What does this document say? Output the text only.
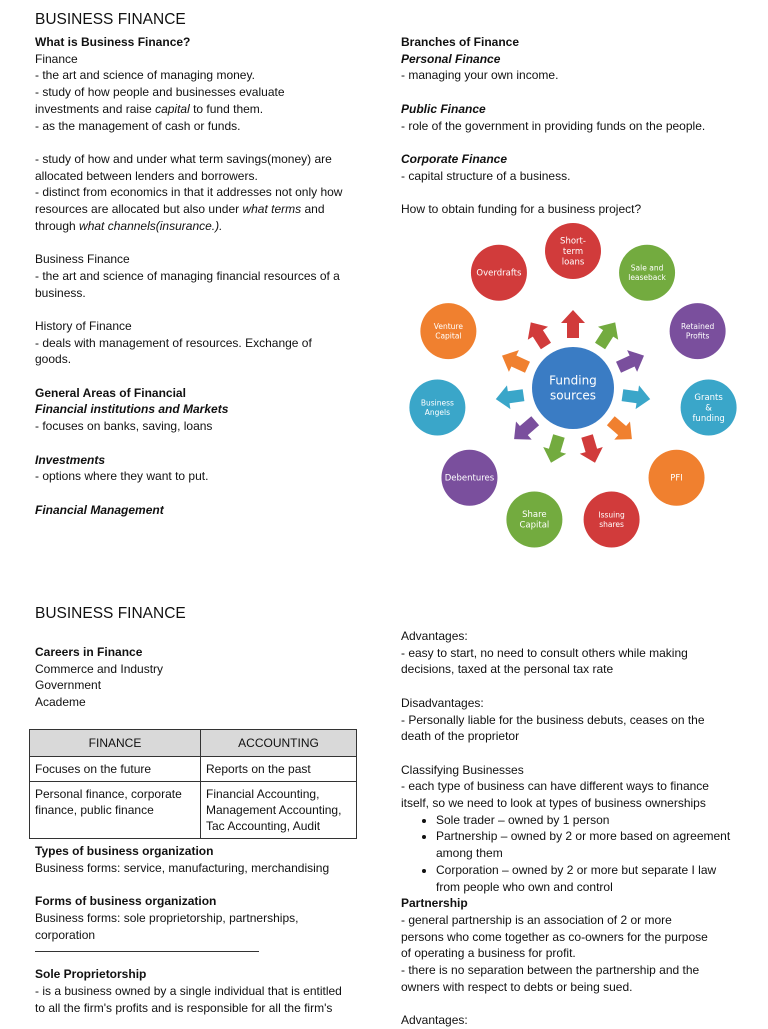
BUSINESS FINANCE
What is Business Finance?
Finance
- the art and science of managing money.
- study of how people and businesses evaluate
investments and raise capital to fund them.
- as the management of cash or funds.
- study of how and under what term savings(money) are
allocated between lenders and borrowers.
- distinct from economics in that it addresses not only how
resources are allocated but also under what terms and
through what channels(insurance.).
Business Finance
- the art and science of managing financial resources of a
business.
History of Finance
- deals with management of resources. Exchange of
goods.
General Areas of Financial
Financial institutions and Markets
- focuses on banks, saving, loans
Investments
- options where they want to put.
Financial Management
Branches of Finance
Personal Finance
- managing your own income.
Public Finance
- role of the government in providing funds on the people.
Corporate Finance
- capital structure of a business.
How to obtain funding for a business project?
Short-term loans
Sale and leaseback
Retained Profits
Grants & funding
PFI
Issuing shares
Share Capital
Debentures
Business Angels
Venture Capital
Overdrafts
Funding sources
BUSINESS FINANCE
Careers in Finance
Commerce and Industry
Government
Academe
FINANCE	ACCOUNTING
Focuses on the future	Reports on the past
Personal finance, corporate finance, public finance	Financial Accounting, Management Accounting, Tac Accounting, Audit
Types of business organization
Business forms: service, manufacturing, merchandising
Forms of business organization
Business forms: sole proprietorship, partnerships,
corporation
Sole Proprietorship
- is a business owned by a single individual that is entitled
to all the firm's profits and is responsible for all the firm's
Advantages:
- easy to start, no need to consult others while making
decisions, taxed at the personal tax rate
Disadvantages:
- Personally liable for the business debuts, ceases on the
death of the proprietor
Classifying Businesses
- each type of business can have different ways to finance
itself, so we need to look at types of business ownerships
• Sole trader – owned by 1 person
• Partnership – owned by 2 or more based on agreement among them
• Corporation – owned by 2 or more but separate I law from people who own and control
Partnership
- general partnership is an association of 2 or more
persons who come together as co-owners for the purpose
of operating a business for profit.
- there is no separation between the partnership and the
owners with respect to debts or being sued.
Advantages:
